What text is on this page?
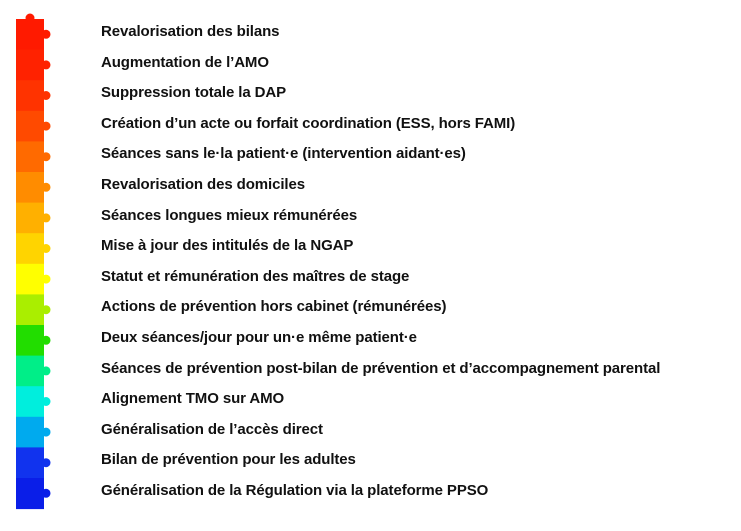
Revalorisation des bilans
Augmentation de l’AMO
Suppression totale la DAP
Création d’un acte ou forfait coordination (ESS, hors FAMI)
Séances sans le·la patient·e (intervention aidant·es)
Revalorisation des domiciles
Séances longues mieux rémunérées
Mise à jour des intitulés de la NGAP
Statut et rémunération des maîtres de stage
Actions de prévention hors cabinet (rémunérées)
Deux séances/jour pour un·e même patient·e
Séances de prévention post-bilan de prévention et d’accompagnement parental
Alignement TMO sur AMO
Généralisation de l’accès direct
Bilan de prévention pour les adultes
Généralisation de la Régulation via la plateforme PPSO
